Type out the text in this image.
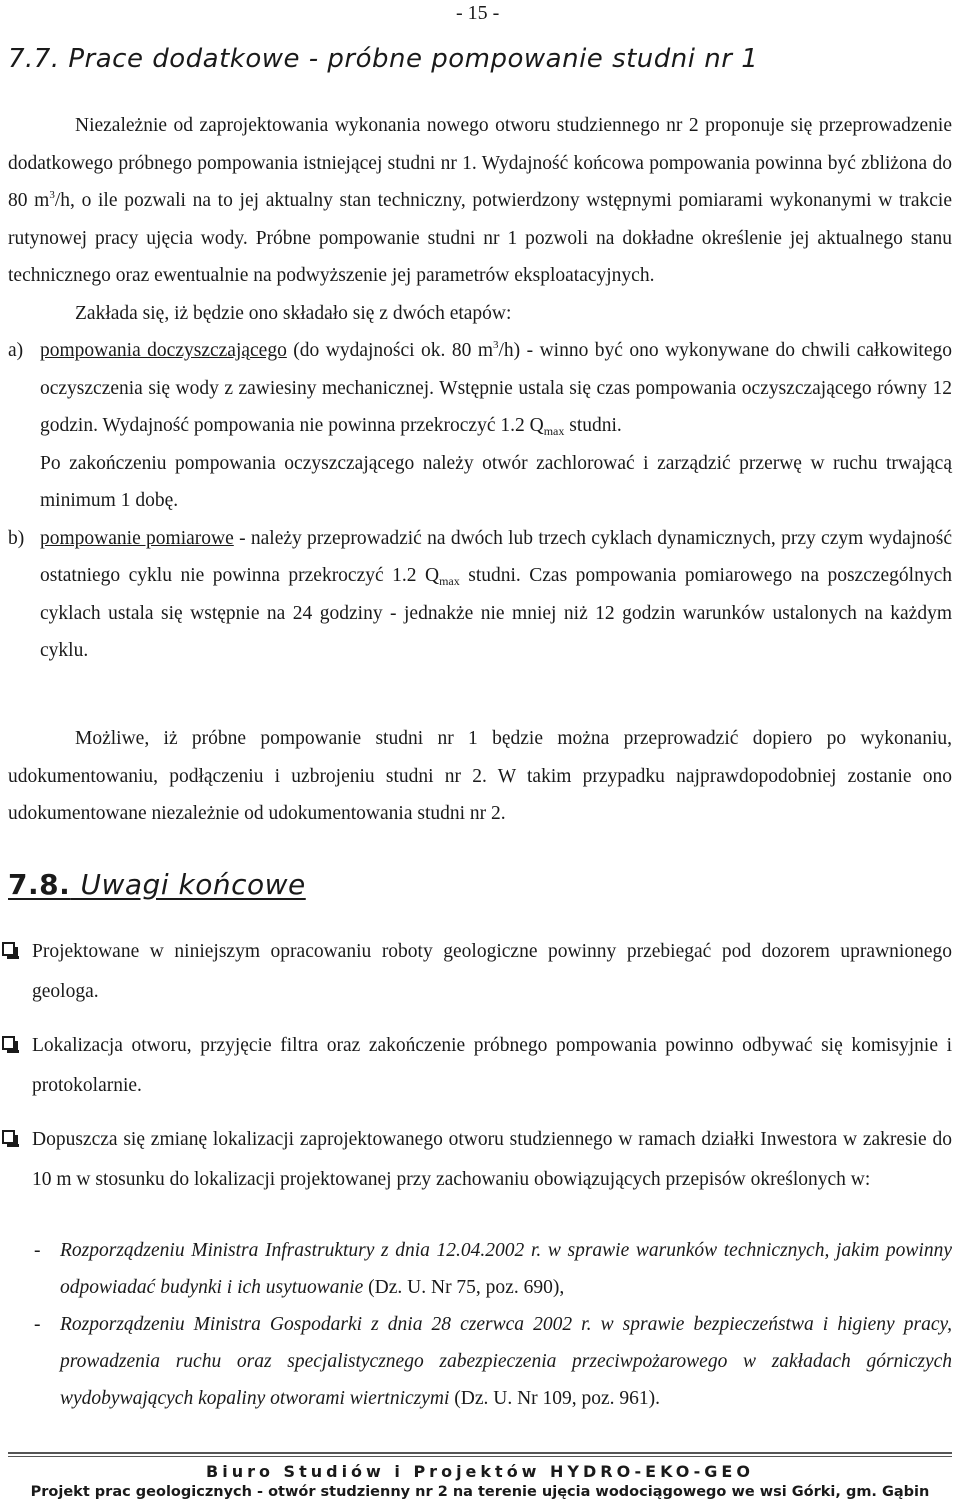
- 15 -
7.7. Prace dodatkowe - próbne pompowanie studni nr 1

Niezależnie od zaprojektowania wykonania nowego otworu studziennego nr 2 proponuje się przeprowadzenie dodatkowego próbnego pompowania istniejącej studni nr 1. Wydajność końcowa pompowania powinna być zbliżona do 80 $m^3/h$, o ile pozwali na to jej aktualny stan techniczny, potwierdzony wstępnymi pomiarami wykonanymi w trakcie rutynowej pracy ujęcia wody. Próbne pompowanie studni nr 1 pozwoli na dokładne określenie jej aktualnego stanu technicznego oraz ewentualnie na podwyższenie jej parametrów eksploatacyjnych.

Zakłada się, iż będzie ono składało się z dwóch etapów:

a) pompowania doczyszczającego (do wydajności ok. 80 $m^3/h$) - winno być ono wykonywane do chwili całkowitego oczyszczenia się wody z zawiesiny mechanicznej. Wstępnie ustala się czas pompowania oczyszczającego równy 12 godzin. Wydajność pompowania nie powinna przekroczyć 1.2 $Q_{max}$ studni.

Po zakończeniu pompowania oczyszczającego należy otwór zachlorować i zarządzić przerwę w ruchu trwającą minimum 1 dobę.

b) pompowanie pomiarowe - należy przeprowadzić na dwóch lub trzech cyklach dynamicznych, przy czym wydajność ostatniego cyklu nie powinna przekroczyć 1.2 $Q_{max}$ studni. Czas pompowania pomiarowego na poszczególnych cyklach ustala się wstępnie na 24 godziny - jednakże nie mniej niż 12 godzin warunków ustalonych na każdym cyklu.

Możliwe, iż próbne pompowanie studni nr 1 będzie można przeprowadzić dopiero po wykonaniu, udokumentowaniu, podłączeniu i uzbrojeniu studni nr 2. W takim przypadku najprawdopodobniej zostanie ono udokumentowane niezależnie od udokumentowania studni nr 2.

7.8. Uwagi końcowe

Projektowane w niniejszym opracowaniu roboty geologiczne powinny przebiegać pod dozorem uprawnionego geologa.

Lokalizacja otworu, przyjęcie filtra oraz zakończenie próbnego pompowania powinno odbywać się komisyjnie i protokolarnie.

Dopuszcza się zmianę lokalizacji zaprojektowanego otworu studziennego w ramach działki Inwestora w zakresie do 10 m w stosunku do lokalizacji projektowanej przy zachowaniu obowiązujących przepisów określonych w:

- Rozporządzeniu Ministra Infrastruktury z dnia 12.04.2002 r. w sprawie warunków technicznych, jakim powinny odpowiadać budynki i ich usytuowanie (Dz. U. Nr 75, poz. 690),

- Rozporządzeniu Ministra Gospodarki z dnia 28 czerwca 2002 r. w sprawie bezpieczeństwa i higieny pracy, prowadzenia ruchu oraz specjalistycznego zabezpieczenia przeciwpożarowego w zakładach górniczych wydobywających kopaliny otworami wiertniczymi (Dz. U. Nr 109, poz. 961).

Biuro Studiów i Projektów HYDRO-EKO-GEO
Projekt prac geologicznych - otwór studzienny nr 2 na terenie ujęcia wodociągowego we wsi Górki, gm. Gąbin
